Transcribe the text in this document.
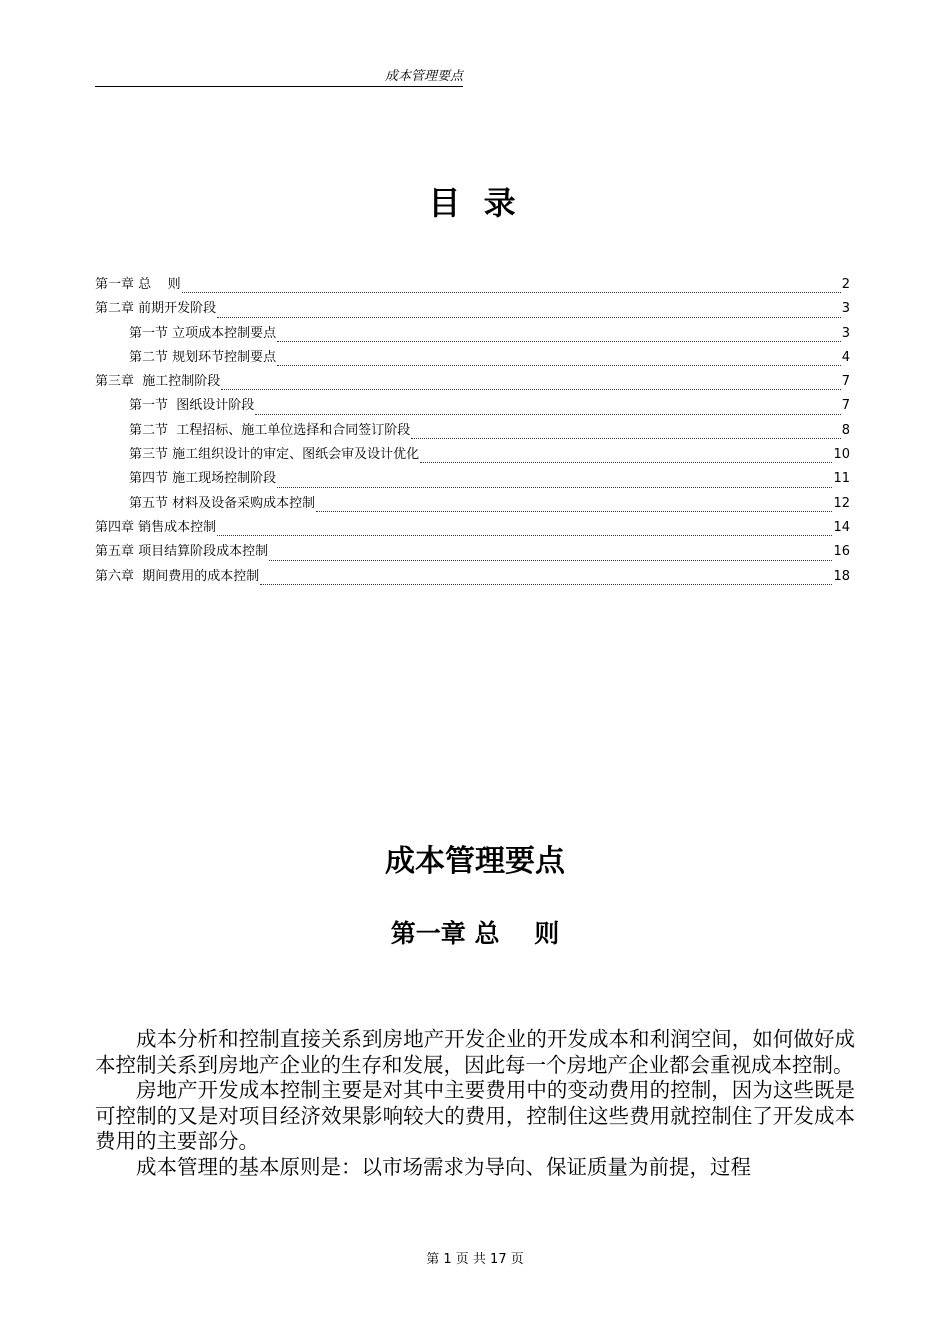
成本管理要点
目 录
第一章 总    则	2
第二章 前期开发阶段	3
第一节 立项成本控制要点	3
第二节 规划环节控制要点	4
第三章  施工控制阶段	7
第一节  图纸设计阶段	7
第二节  工程招标、施工单位选择和合同签订阶段	8
第三节 施工组织设计的审定、图纸会审及设计优化	10
第四节 施工现场控制阶段	11
第五节 材料及设备采购成本控制	12
第四章 销售成本控制	14
第五章 项目结算阶段成本控制	16
第六章  期间费用的成本控制	18
成本管理要点
第一章 总    则

成本分析和控制直接关系到房地产开发企业的开发成本和利润空间，如何做好成本控制关系到房地产企业的生存和发展，因此每一个房地产企业都会重视成本控制。

房地产开发成本控制主要是对其中主要费用中的变动费用的控制，因为这些既是可控制的又是对项目经济效果影响较大的费用，控制住这些费用就控制住了开发成本费用的主要部分。

成本管理的基本原则是：以市场需求为导向、保证质量为前提，过程

第 1 页 共 17 页
